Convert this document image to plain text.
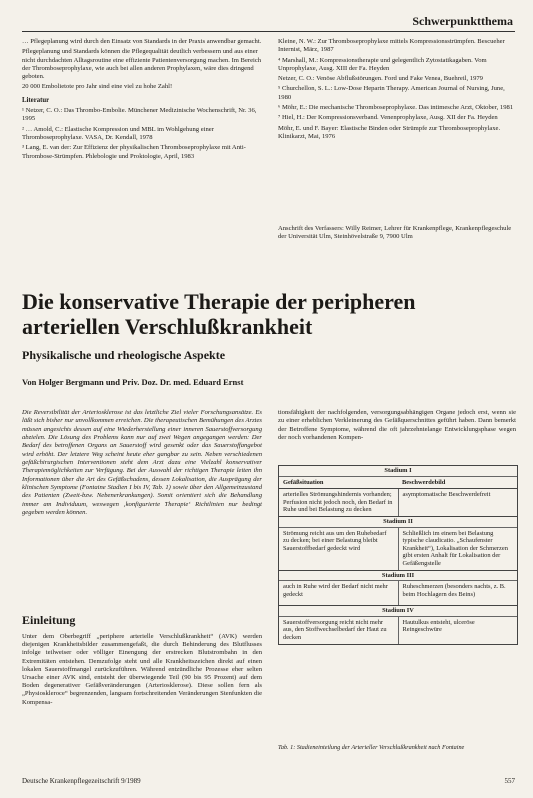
Schwerpunktthema

… Pflegeplanung wird durch den Einsatz von Standards in der Praxis anwendbar gemacht.

Pflegeplanung und Standards können die Pflegequalität deutlich verbessern und aus einer nicht durchdachten Alltagsroutine eine effiziente Patientenversorgung machen. Im Bereich der Thromboseprophylaxe, wie auch bei allen anderen Prophylaxen, wäre dies dringend geboten.

20 000 Embolietote pro Jahr sind eine viel zu hohe Zahl!

Literatur
¹ Netzer, C. O.: Das Thrombo-Embolie. Münchener Medizinische Wochenschrift, Nr. 36, 1995
² … Amold, C.: Elastische Kompression und MBL im Wohlgehung einer Thromboseprophylaxe. VASA, Dr. Kendall, 1978
³ Lang, E. van der: Zur Effizienz der physikalischen Thromboseprophylaxe mit Anti-Thrombose-Strümpfen. Phlebologie und Proktologie, April, 1983
Kleine, N. W.: Zur Thromboseprophylaxe mittels Kompressionsstrümpfen. Bescueher Internist, März, 1987
⁴ Marshall, M.: Kompressionstherapie und gelegentlich Zytostatikagaben. Vom Unprophylaxe, Ausg. XIII der Fa. Heyden
Netzer, C. O.: Venöse Abflußstörungen. Ford und Fake Venea, Buehreil, 1979
⁵ Churchellon, S. L.: Low-Dose Heparin Therapy. American Journal of Nursing, June, 1980
⁶ Möhr, E.: Die mechanische Thromboseprophylaxe. Das intimesche Arzt, Oktober, 1981
⁷ Hiel, H.: Der Kompressionsverband. Venenprophylaxe, Ausg. XII der Fa. Heyden
Möhr, E. und F. Bayer: Elastische Binden oder Strümpfe zur Thromboseprophylaxe. Klinikarzt, Mai, 1976
Anschrift des Verfassers: Willy Reimer, Lehrer für Krankenpflege, Krankenpflegeschule der Universität Ulm, Steinhövelstraße 9, 7900 Ulm
Die konservative Therapie der peripheren arteriellen Verschlußkrankheit
Physikalische und rheologische Aspekte
Von Holger Bergmann und Priv. Doz. Dr. med. Eduard Ernst
Die Reversibilität der Arteriosklerose ist das letztliche Ziel vieler Forschungsansätze. Es läßt sich bisher nur unvollkommen erreichen. Die therapeutischen Bemühungen des Arztes müssen angesichts dessen auf eine Wiederherstellung einer inneren Sauerstoffversorgung abzielen. Die Lösung des Problems kann nur auf zwei Wegen angegangen werden: Der Bedarf des betroffenen Organs an Sauerstoff wird gesenkt oder das Sauerstoffangebot wird erhöht. Der letztere Weg scheint heute eher gangbar zu sein. Neben verschiedenen gefäßchirurgischen Interventionen steht dem Arzt dazu eine Vielzahl konservativer Therapiemöglichkeiten zur Verfügung. Bei der Auswahl der richtigen Therapie leiten ihn Informationen über die Art des Gefäßschadens, dessen Lokalisation, die Ausprägung der klinischen Symptome (Fontaine Stadien I bis IV, Tab. 1) sowie über den Allgemeinzustand des Patienten (Zweit-bzw. Nebenerkrankungen). Somit orientiert sich die Behandlung immer am Individuum, weswegen ‚konfigurierte Therapie‘ Richtlinien nur bedingt gegeben werden können.
Einleitung
Unter dem Oberbegriff „periphere arterielle Verschlußkrankheit“ (AVK) werden diejenigen Krankheitsbilder zusammengefaßt, die durch Behinderung des Blutflusses infolge teilweiser oder völliger Einengung der erstrecken Blutstrombahn in den Extremitäten entstehen. Demzufolge steht und alle Krankheitszeichen direkt auf einen lokalen Sauerstoffmangel zurückzuführen. Während entzündliche Prozesse eher selten Ursache einer AVK sind, entsteht der überwiegende Teil (90 bis 95 Prozent) auf dem Boden degenerativer Gefäßveränderungen (Arteriosklerose). Diese sollen fern als „Physioskleroce“ begrenzenden, langsam fortschreitenden Veränderungen Stenfunkten die Kompensa-
tionsfähigkeit der nachfolgenden, versorgungsabhängigen Organe jedoch erst, wenn sie zu einer erheblichen Verkleinerung des Gefäßquerschnittes geführt haben. Dann bemerkt der Betroffene Symptome, während die oft jahrzehntelange Entwicklungsphase wegen der noch vorhandenen Kompen-
Stadium I
Gefäßsituation	Beschwerdebild
arterielles Strömungshindernis vorhanden; Perfusion nicht jedoch noch, den Bedarf in Ruhe und bei Belastung zu decken
asymptomatische Beschwerdefreit
Stadium II
Strömung reicht aus um den Ruhebedarf zu decken; bei einer Belastung bleibt Sauerstoffbedarf gedeckt wird
Schließlich im einem bei Belastung typische claudicatio. „Schaufenster Krankheit“), Lokalisation der Schmerzen gibt ersten Anhalt für Lokalisation der Gefäßengstelle
Stadium III
auch in Ruhe wird der Bedarf nicht mehr gedeckt
Ruheschmerzen (besonders nachts, z. B. beim Hochlagern des Beins)
Stadium IV
Sauerstoffversorgung reicht nicht mehr aus, den Stoffwechselbedarf der Haut zu decken
Hautulkus entsteht, ulceröse Reingeschwüre
Tab. 1: Stadieneinteilung der Arterieller Verschlußkrankheit nach Fontaine
Deutsche Krankenpflegezeitschrift 9/1989	557
